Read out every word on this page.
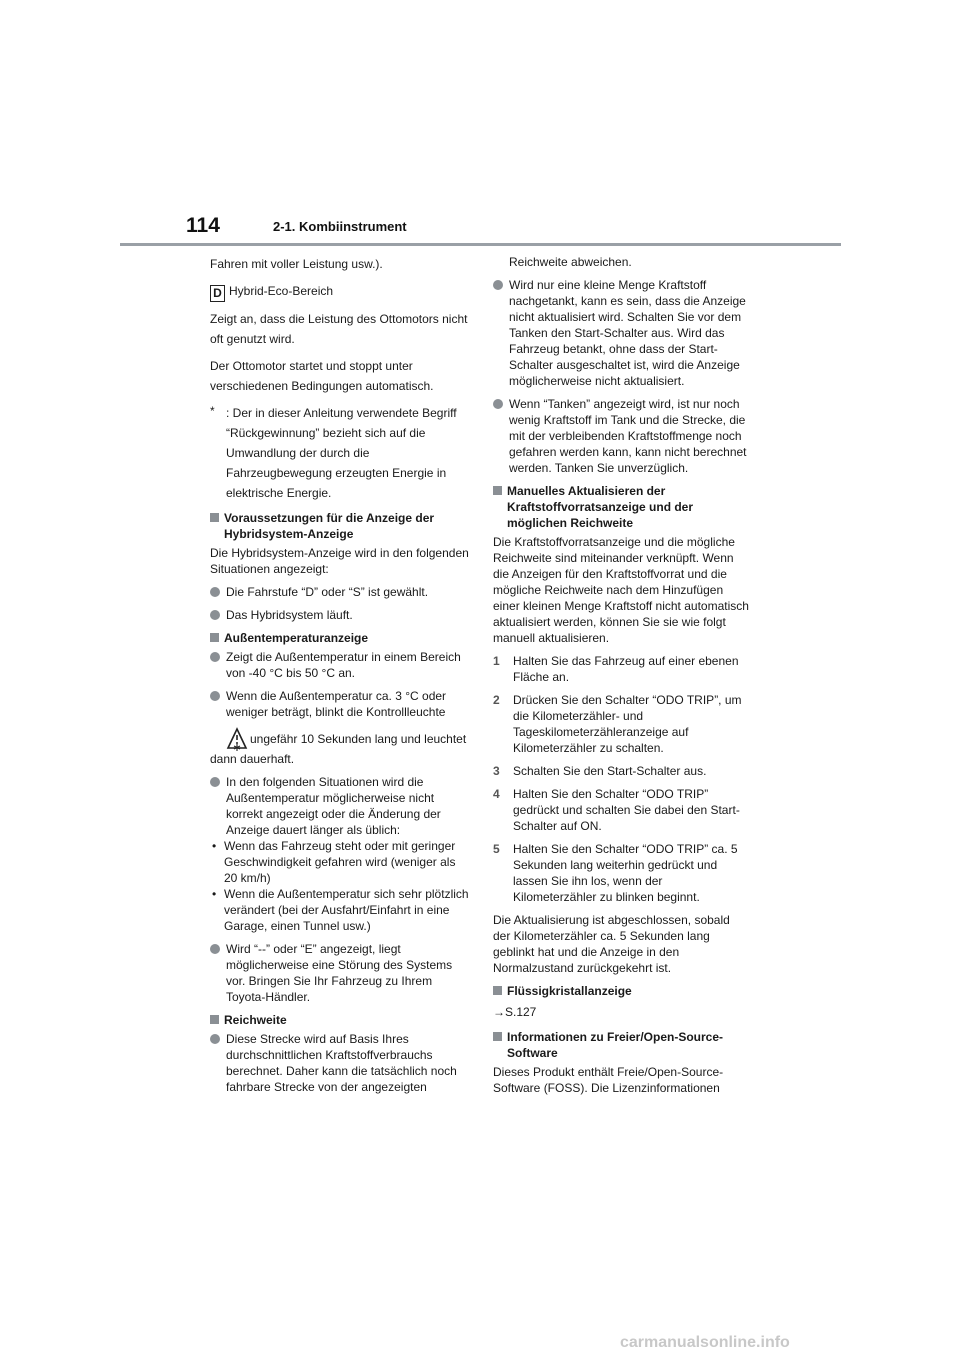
114	2-1. Kombiinstrument

Fahren mit voller Leistung usw.).

D Hybrid-Eco-Bereich

Zeigt an, dass die Leistung des Ottomotors nicht oft genutzt wird.

Der Ottomotor startet und stoppt unter verschiedenen Bedingungen automatisch.

* : Der in dieser Anleitung verwendete Begriff “Rückgewinnung” bezieht sich auf die Umwandlung der durch die Fahrzeugbewegung erzeugten Energie in elektrische Energie.
Voraussetzungen für die Anzeige der Hybridsystem-Anzeige

Die Hybridsystem-Anzeige wird in den folgenden Situationen angezeigt:

Die Fahrstufe “D” oder “S” ist gewählt.
Das Hybridsystem läuft.
Außentemperaturanzeige
Zeigt die Außentemperatur in einem Bereich von -40 °C bis 50 °C an.
Wenn die Außentemperatur ca. 3 °C oder weniger beträgt, blinkt die Kontrollleuchte
ungefähr 10 Sekunden lang und leuchtet dann dauerhaft.
In den folgenden Situationen wird die Außentemperatur möglicherweise nicht korrekt angezeigt oder die Änderung der Anzeige dauert länger als üblich:
• Wenn das Fahrzeug steht oder mit geringer Geschwindigkeit gefahren wird (weniger als 20 km/h)
• Wenn die Außentemperatur sich sehr plötzlich verändert (bei der Ausfahrt/Einfahrt in eine Garage, einen Tunnel usw.)
Wird “--” oder “E” angezeigt, liegt möglicherweise eine Störung des Systems vor. Bringen Sie Ihr Fahrzeug zu Ihrem Toyota-Händler.
Reichweite
Diese Strecke wird auf Basis Ihres durchschnittlichen Kraftstoffverbrauchs berechnet. Daher kann die tatsächlich noch fahrbare Strecke von der angezeigten

Reichweite abweichen.

Wird nur eine kleine Menge Kraftstoff nachgetankt, kann es sein, dass die Anzeige nicht aktualisiert wird. Schalten Sie vor dem Tanken den Start-Schalter aus. Wird das Fahrzeug betankt, ohne dass der Start-Schalter ausgeschaltet ist, wird die Anzeige möglicherweise nicht aktualisiert.
Wenn “Tanken” angezeigt wird, ist nur noch wenig Kraftstoff im Tank und die Strecke, die mit der verbleibenden Kraftstoffmenge noch gefahren werden kann, kann nicht berechnet werden. Tanken Sie unverzüglich.
Manuelles Aktualisieren der Kraftstoffvorratsanzeige und der möglichen Reichweite

Die Kraftstoffvorratsanzeige und die mögliche Reichweite sind miteinander verknüpft. Wenn die Anzeigen für den Kraftstoffvorrat und die mögliche Reichweite nach dem Hinzufügen einer kleinen Menge Kraftstoff nicht automatisch aktualisiert werden, können Sie sie wie folgt manuell aktualisieren.

1 Halten Sie das Fahrzeug auf einer ebenen Fläche an.
2 Drücken Sie den Schalter “ODO TRIP”, um die Kilometerzähler- und Tageskilometerzähleranzeige auf Kilometerzähler zu schalten.
3 Schalten Sie den Start-Schalter aus.
4 Halten Sie den Schalter “ODO TRIP” gedrückt und schalten Sie dabei den Start-Schalter auf ON.
5 Halten Sie den Schalter “ODO TRIP” ca. 5 Sekunden lang weiterhin gedrückt und lassen Sie ihn los, wenn der Kilometerzähler zu blinken beginnt.

Die Aktualisierung ist abgeschlossen, sobald der Kilometerzähler ca. 5 Sekunden lang geblinkt hat und die Anzeige in den Normalzustand zurückgekehrt ist.

Flüssigkristallanzeige

→S.127

Informationen zu Freier/Open-Source-Software

Dieses Produkt enthält Freie/Open-Source-Software (FOSS). Die Lizenzinformationen

carmanualsonline.info
